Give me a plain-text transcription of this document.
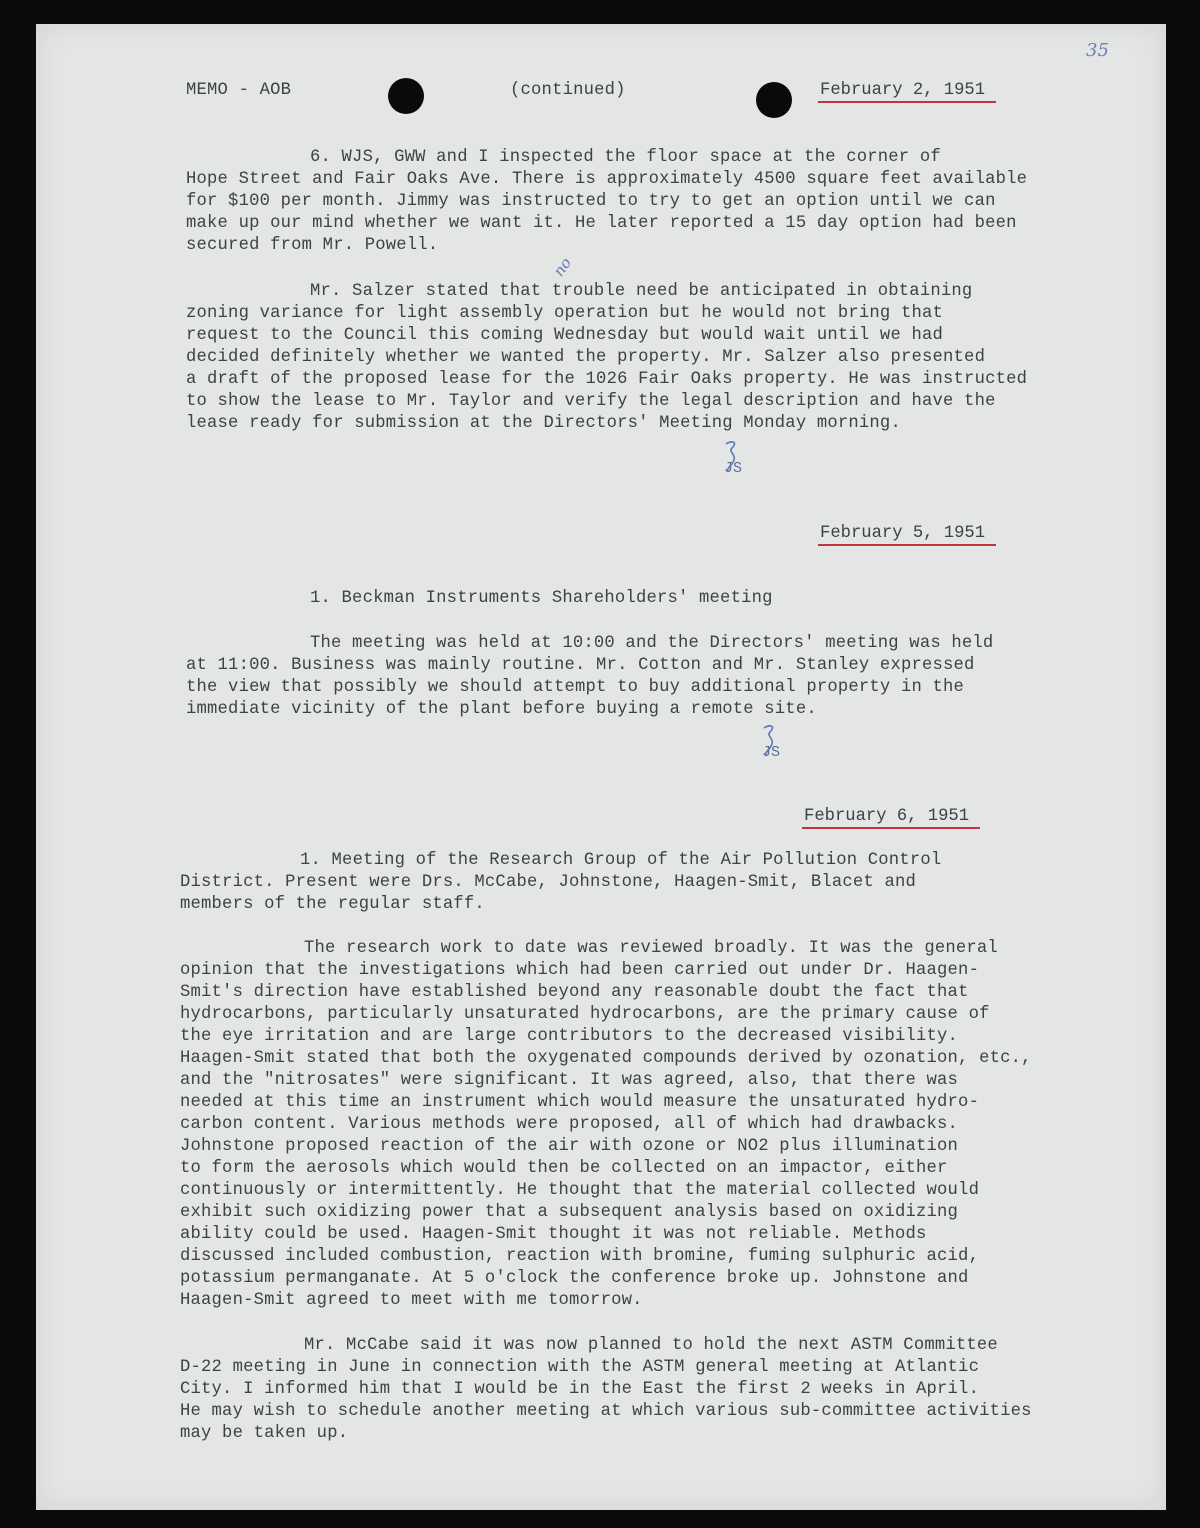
35
MEMO - AOB	(continued)	February 2, 1951
6. WJS, GWW and I inspected the floor space at the corner of
Hope Street and Fair Oaks Ave. There is approximately 4500 square feet available
for $100 per month. Jimmy was instructed to try to get an option until we can
make up our mind whether we want it. He later reported a 15 day option had been
secured from Mr. Powell.
no
Mr. Salzer stated that trouble need be anticipated in obtaining
zoning variance for light assembly operation but he would not bring that
request to the Council this coming Wednesday but would wait until we had
decided definitely whether we wanted the property. Mr. Salzer also presented
a draft of the proposed lease for the 1026 Fair Oaks property. He was instructed
to show the lease to Mr. Taylor and verify the legal description and have the
lease ready for submission at the Directors' Meeting Monday morning.
JS
February 5, 1951
1. Beckman Instruments Shareholders' meeting
The meeting was held at 10:00 and the Directors' meeting was held
at 11:00. Business was mainly routine. Mr. Cotton and Mr. Stanley expressed
the view that possibly we should attempt to buy additional property in the
immediate vicinity of the plant before buying a remote site.
JS
February 6, 1951
1. Meeting of the Research Group of the Air Pollution Control
District. Present were Drs. McCabe, Johnstone, Haagen-Smit, Blacet and
members of the regular staff.
The research work to date was reviewed broadly. It was the general
opinion that the investigations which had been carried out under Dr. Haagen-
Smit's direction have established beyond any reasonable doubt the fact that
hydrocarbons, particularly unsaturated hydrocarbons, are the primary cause of
the eye irritation and are large contributors to the decreased visibility.
Haagen-Smit stated that both the oxygenated compounds derived by ozonation, etc.,
and the "nitrosates" were significant. It was agreed, also, that there was
needed at this time an instrument which would measure the unsaturated hydro-
carbon content. Various methods were proposed, all of which had drawbacks.
Johnstone proposed reaction of the air with ozone or NO2 plus illumination
to form the aerosols which would then be collected on an impactor, either
continuously or intermittently. He thought that the material collected would
exhibit such oxidizing power that a subsequent analysis based on oxidizing
ability could be used. Haagen-Smit thought it was not reliable. Methods
discussed included combustion, reaction with bromine, fuming sulphuric acid,
potassium permanganate. At 5 o'clock the conference broke up. Johnstone and
Haagen-Smit agreed to meet with me tomorrow.
Mr. McCabe said it was now planned to hold the next ASTM Committee
D-22 meeting in June in connection with the ASTM general meeting at Atlantic
City. I informed him that I would be in the East the first 2 weeks in April.
He may wish to schedule another meeting at which various sub-committee activities
may be taken up.
